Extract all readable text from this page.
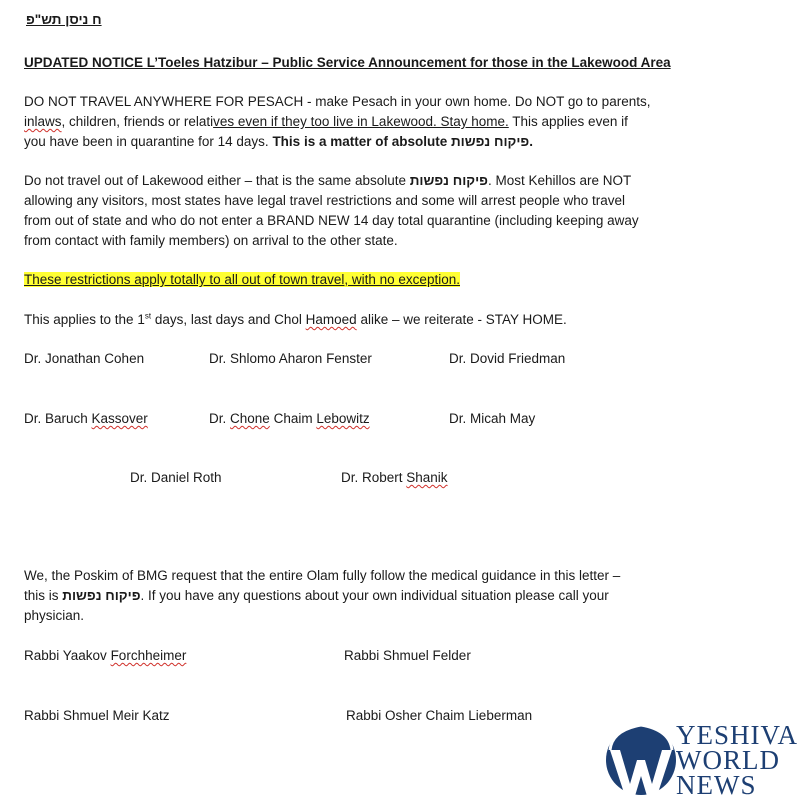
ח ניסן תש"פ
UPDATED NOTICE L’Toeles Hatzibur – Public Service Announcement for those in the Lakewood Area
DO NOT TRAVEL ANYWHERE FOR PESACH - make Pesach in your own home. Do NOT go to parents,
inlaws, children, friends or relatives even if they too live in Lakewood. Stay home. This applies even if
you have been in quarantine for 14 days. This is a matter of absolute פיקוח נפשות.
Do not travel out of Lakewood either – that is the same absolute פיקוח נפשות. Most Kehillos are NOT
allowing any visitors, most states have legal travel restrictions and some will arrest people who travel
from out of state and who do not enter a BRAND NEW 14 day total quarantine (including keeping away
from contact with family members) on arrival to the other state.
These restrictions apply totally to all out of town travel, with no exception.
This applies to the 1st days, last days and Chol Hamoed alike – we reiterate - STAY HOME.
Dr. Jonathan Cohen	Dr. Shlomo Aharon Fenster	Dr. Dovid Friedman
Dr. Baruch Kassover	Dr. Chone Chaim Lebowitz	Dr. Micah May
Dr. Daniel Roth	Dr. Robert Shanik
We, the Poskim of BMG request that the entire Olam fully follow the medical guidance in this letter –
this is פיקוח נפשות. If you have any questions about your own individual situation please call your
physician.
Rabbi Yaakov Forchheimer	Rabbi Shmuel Felder
Rabbi Shmuel Meir Katz	Rabbi Osher Chaim Lieberman
YESHIVA
WORLD
NEWS
